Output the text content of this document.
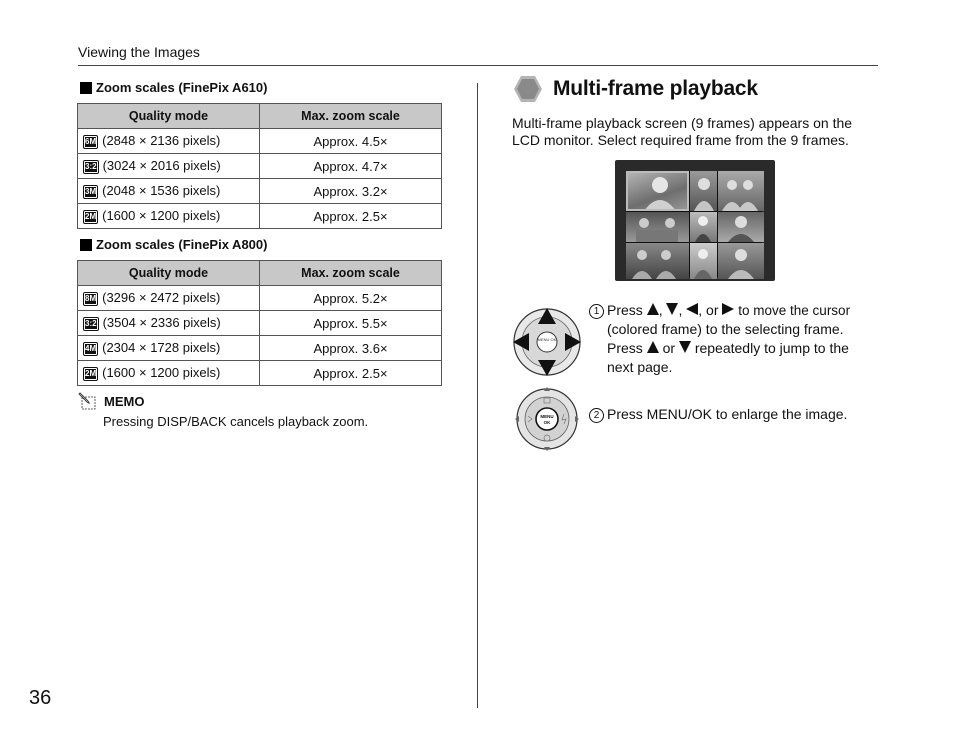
Viewing the Images
36
Zoom scales (FinePix A610)
Quality mode	Max. zoom scale
6M (2848 × 2136 pixels)	Approx. 4.5×
3:2 (3024 × 2016 pixels)	Approx. 4.7×
3M (2048 × 1536 pixels)	Approx. 3.2×
2M (1600 × 1200 pixels)	Approx. 2.5×
Zoom scales (FinePix A800)
Quality mode	Max. zoom scale
8M (3296 × 2472 pixels)	Approx. 5.2×
3:2 (3504 × 2336 pixels)	Approx. 5.5×
4M (2304 × 1728 pixels)	Approx. 3.6×
2M (1600 × 1200 pixels)	Approx. 2.5×
MEMO
Pressing DISP/BACK cancels playback zoom.
Multi-frame playback
Multi-frame playback screen (9 frames) appears on the LCD monitor. Select required frame from the 9 frames.
MENU OK
1 Press , , , or to move the cursor
(colored frame) to the selecting frame.
Press or repeatedly to jump to the
next page.
MENU
OK
2 Press MENU/OK to enlarge the image.
